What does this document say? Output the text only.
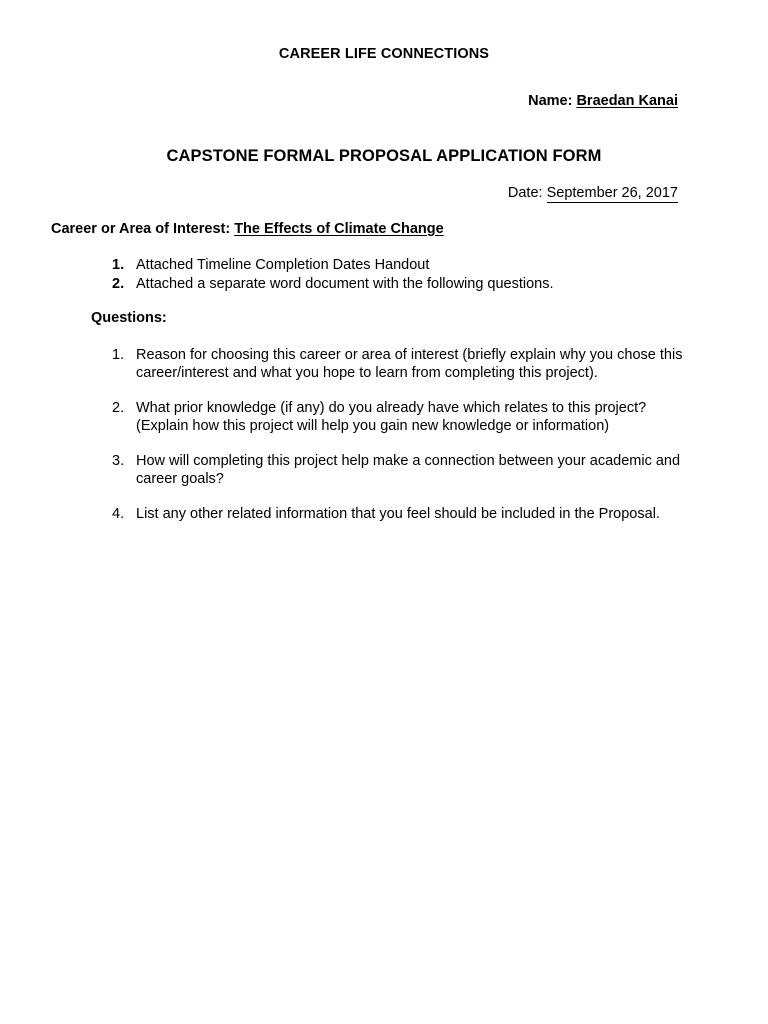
CAREER LIFE CONNECTIONS
Name: Braedan Kanai
CAPSTONE FORMAL PROPOSAL APPLICATION FORM
Date: September 26, 2017
Career or Area of Interest: The Effects of Climate Change
1. Attached Timeline Completion Dates Handout
2. Attached a separate word document with the following questions.
Questions:
1. Reason for choosing this career or area of interest (briefly explain why you chose this career/interest and what you hope to learn from completing this project).
2. What prior knowledge (if any) do you already have which relates to this project? (Explain how this project will help you gain new knowledge or information)
3. How will completing this project help make a connection between your academic and career goals?
4. List any other related information that you feel should be included in the Proposal.
